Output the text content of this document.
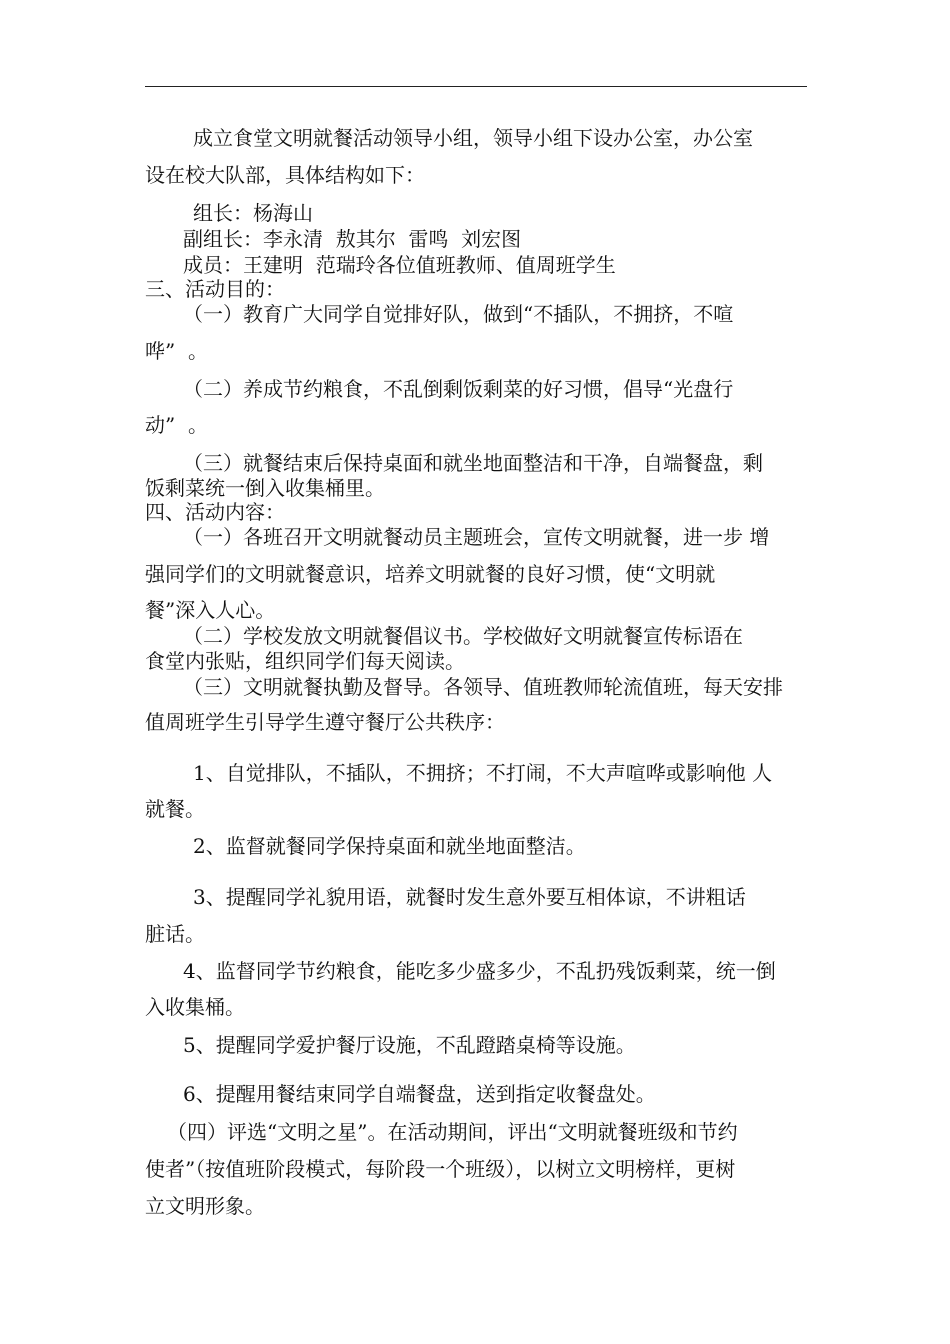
成立食堂文明就餐活动领导小组，领导小组下设办公室，办公室

设在校大队部，具体结构如下：

组长：杨海山

副组长：李永清  敖其尔  雷鸣  刘宏图

成员：王建明  范瑞玲各位值班教师、值周班学生

三、活动目的：

（一）教育广大同学自觉排好队，做到“不插队，不拥挤，不喧

哗”  。

（二）养成节约粮食，不乱倒剩饭剩菜的好习惯，倡导“光盘行

动”  。

（三）就餐结束后保持桌面和就坐地面整洁和干净，自端餐盘，剩

饭剩菜统一倒入收集桶里。

四、活动内容：

（一）各班召开文明就餐动员主题班会，宣传文明就餐，进一步 增

强同学们的文明就餐意识，培养文明就餐的良好习惯，使“文明就

餐”深入人心。

（二）学校发放文明就餐倡议书。学校做好文明就餐宣传标语在

食堂内张贴，组织同学们每天阅读。

（三）文明就餐执勤及督导。各领导、值班教师轮流值班，每天安排

值周班学生引导学生遵守餐厅公共秩序：

1、自觉排队，不插队，不拥挤；不打闹，不大声喧哗或影响他 人

就餐。

2、监督就餐同学保持桌面和就坐地面整洁。

3、提醒同学礼貌用语，就餐时发生意外要互相体谅，不讲粗话

脏话。

4、监督同学节约粮食，能吃多少盛多少，不乱扔残饭剩菜，统一倒

入收集桶。

5、提醒同学爱护餐厅设施，不乱蹬踏桌椅等设施。

6、提醒用餐结束同学自端餐盘，送到指定收餐盘处。

（四）评选“文明之星”。在活动期间，评出“文明就餐班级和节约

使者”（按值班阶段模式，每阶段一个班级），以树立文明榜样，更树

立文明形象。
